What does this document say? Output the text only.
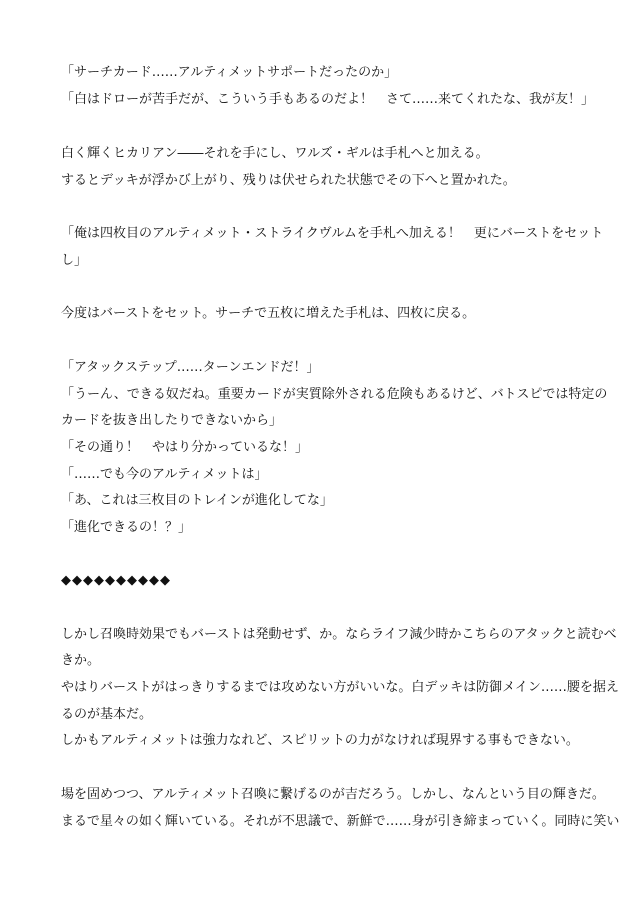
「サーチカード……アルティメットサポートだったのか」
「白はドローが苦手だが、こういう手もあるのだよ！　さて……来てくれたな、我が友！」
白く輝くヒカリアン――それを手にし、ワルズ・ギルは手札へと加える。
するとデッキが浮かび上がり、残りは伏せられた状態でその下へと置かれた。
「俺は四枚目のアルティメット・ストライクヴルムを手札へ加える！　更にバーストをセット
し」
今度はバーストをセット。サーチで五枚に増えた手札は、四枚に戻る。
「アタックステップ……ターンエンドだ！」
「うーん、できる奴だね。重要カードが実質除外される危険もあるけど、バトスピでは特定の
カードを抜き出したりできないから」
「その通り！　やはり分かっているな！」
「……でも今のアルティメットは」
「あ、これは三枚目のトレインが進化してな」
「進化できるの！？」
◆◆◆◆◆◆◆◆◆◆
しかし召喚時効果でもバーストは発動せず、か。ならライフ減少時かこちらのアタックと読むべ
きか。
やはりバーストがはっきりするまでは攻めない方がいいな。白デッキは防御メイン……腰を据え
るのが基本だ。
しかもアルティメットは強力なれど、スピリットの力がなければ現界する事もできない。
場を固めつつ、アルティメット召喚に繋げるのが吉だろう。しかし、なんという目の輝きだ。
まるで星々の如く輝いている。それが不思議で、新鮮で……身が引き締まっていく。同時に笑い
